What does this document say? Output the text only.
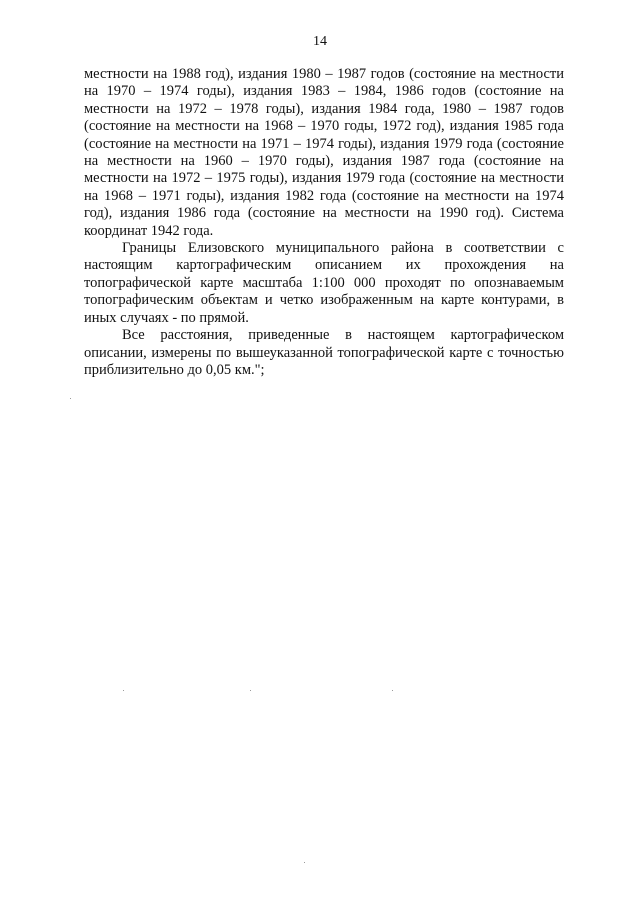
14

местности на 1988 год), издания 1980 – 1987 годов (состояние на местности на 1970 – 1974 годы), издания 1983 – 1984, 1986 годов (состояние на местности на 1972 – 1978 годы), издания 1984 года, 1980 – 1987 годов (состояние на местности на 1968 – 1970 годы, 1972 год), издания 1985 года (состояние на местности на 1971 – 1974 годы), издания 1979 года (состояние на местности на 1960 – 1970 годы), издания 1987 года (состояние на местности на 1972 – 1975 годы), издания 1979 года (состояние на местности на 1968 – 1971 годы), издания 1982 года (состояние на местности на 1974 год), издания 1986 года (состояние на местности на 1990 год). Система координат 1942 года.

Границы Елизовского муниципального района в соответствии с настоящим картографическим описанием их прохождения на топографической карте масштаба 1:100 000 проходят по опознаваемым топографическим объектам и четко изображенным на карте контурами, в иных случаях - по прямой.

Все расстояния, приведенные в настоящем картографическом описании, измерены по вышеуказанной топографической карте с точностью приблизительно до 0,05 км.";
